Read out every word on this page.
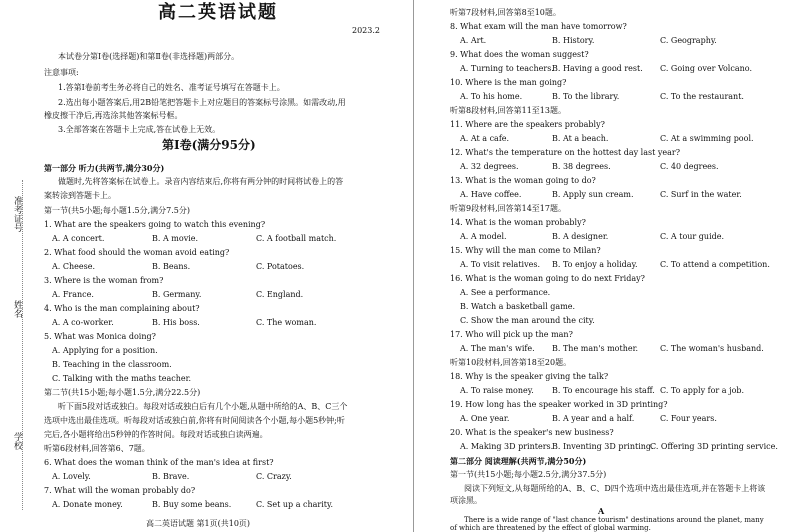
高二英语试题
2023.2
准考证号
姓名
学校
本试卷分第Ⅰ卷(选择题)和第Ⅱ卷(非选择题)两部分。
注意事项:
1.答第Ⅰ卷前考生务必将自己的姓名、准考证号填写在答题卡上。
2.选出每小题答案后,用2B铅笔把答题卡上对应题目的答案标号涂黑。如需改动,用
橡皮擦干净后,再选涂其他答案标号框。
3.全部答案在答题卡上完成,答在试卷上无效。
第Ⅰ卷(满分95分)
第一部分 听力(共两节,满分30分)
做题时,先将答案标在试卷上。录音内容结束后,你将有两分钟的时间将试卷上的答
案转涂到答题卡上。
第一节(共5小题;每小题1.5分,满分7.5分)
1. What are the speakers going to watch this evening?
A. A concert.	B. A movie.	C. A football match.
2. What food should the woman avoid eating?
A. Cheese.	B. Beans.	C. Potatoes.
3. Where is the woman from?
A. France.	B. Germany.	C. England.
4. Who is the man complaining about?
A. A co-worker.	B. His boss.	C. The woman.
5. What was Monica doing?
A. Applying for a position.
B. Teaching in the classroom.
C. Talking with the maths teacher.
第二节(共15小题;每小题1.5分,满分22.5分)
听下面5段对话或独白。每段对话或独白后有几个小题,从题中所给的A、B、C三个
选项中选出最佳选项。听每段对话或独白前,你将有时间阅读各个小题,每小题5秒钟;听
完后,各小题将给出5秒钟的作答时间。每段对话或独白读两遍。
听第6段材料,回答第6、7题。
6. What does the woman think of the man's idea at first?
A. Lovely.	B. Brave.	C. Crazy.
7. What will the woman probably do?
A. Donate money.	B. Buy some beans.	C. Set up a charity.
高二英语试题 第1页(共10页)
听第7段材料,回答第8至10题。
8. What exam will the man have tomorrow?
A. Art.	B. History.	C. Geography.
9. What does the woman suggest?
A. Turning to teachers.
B. Having a good rest. C. Going over Volcano.
10. Where is the man going?
A. To his home.	B. To the library.	C. To the restaurant.
听第8段材料,回答第11至13题。
11. Where are the speakers probably?
A. At a cafe.	B. At a beach.	C. At a swimming pool.
12. What's the temperature on the hottest day last year?
A. 32 degrees.	B. 38 degrees.	C. 40 degrees.
13. What is the woman going to do?
A. Have coffee.	B. Apply sun cream.	C. Surf in the water.
听第9段材料,回答第14至17题。
14. What is the woman probably?
A. A model.	B. A designer.	C. A tour guide.
15. Why will the man come to Milan?
A. To visit relatives. B. To enjoy a holiday.	C. To attend a competition.
16. What is the woman going to do next Friday?
A. See a performance.
B. Watch a basketball game.
C. Show the man around the city.
17. Who will pick up the man?
A. The man's wife. B. The man's mother.	C. The woman's husband.
听第10段材料,回答第18至20题。
18. Why is the speaker giving the talk?
A. To raise money. B. To encourage his staff. C. To apply for a job.
19. How long has the speaker worked in 3D printing?
A. One year.	B. A year and a half.	C. Four years.
20. What is the speaker's new business?
A. Making 3D printers.
B. Inventing 3D printing.
C. Offering 3D printing service.
第二部分 阅读理解(共两节,满分50分)
第一节(共15小题;每小题2.5分,满分37.5分)
阅读下列短文,从每题所给的A、B、C、D四个选项中选出最佳选项,并在答题卡上将该
项涂黑。
A
There is a wide range of "last chance tourism" destinations around the planet, many
of which are threatened by the effect of global warming.
